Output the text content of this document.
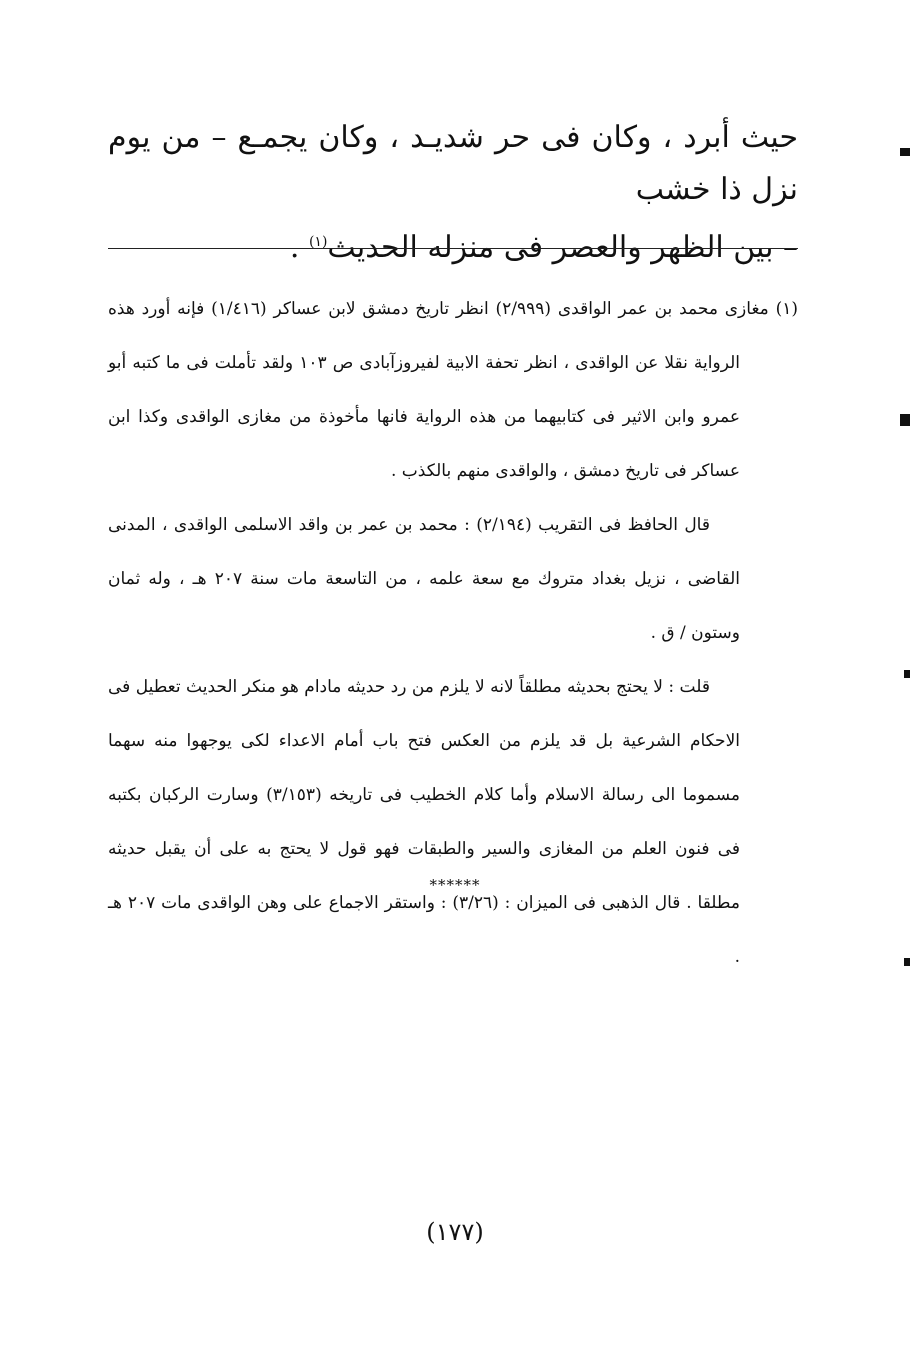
حيث أبرد ، وكان فى حر شديـد ، وكان يجمـع – من يوم نزل ذا خشب

– بين الظهر والعصر فى منزله الحديث$^{(١)}$ .

(١) مغازى محمد بن عمر الواقدى (٢/٩٩٩) انظر تاريخ دمشق لابن عساكر (١/٤١٦) فإنه أورد هذه الرواية نقلا عن الواقدى ، انظر تحفة الابية لفيروزآبادى ص ١٠٣ ولقد تأملت فى ما كتبه أبو عمرو وابن الاثير فى كتابيهما من هذه الرواية فانها مأخوذة من مغازى الواقدى وكذا ابن عساكر فى تاريخ دمشق ، والواقدى منهم بالكذب .

قال الحافظ فى التقريب (٢/١٩٤) : محمد بن عمر بن واقد الاسلمى الواقدى ، المدنى القاضى ، نزيل بغداد متروك مع سعة علمه ، من التاسعة مات سنة ٢٠٧ هـ ، وله ثمان وستون / ق .

قلت : لا يحتج بحديثه مطلقاً لانه لا يلزم من رد حديثه مادام هو منكر الحديث تعطيل فى الاحكام الشرعية بل قد يلزم من العكس فتح باب أمام الاعداء لكى يوجهوا منه سهما مسموما الى رسالة الاسلام وأما كلام الخطيب فى تاريخه (٣/١٥٣) وسارت الركبان بكتبه فى فنون العلم من المغازى والسير والطبقات فهو قول لا يحتج به على أن يقبل حديثه مطلقا . قال الذهبى فى الميزان : (٣/٢٦) : واستقر الاجماع على وهن الواقدى مات ٢٠٧ هـ .

******
(١٧٧)
